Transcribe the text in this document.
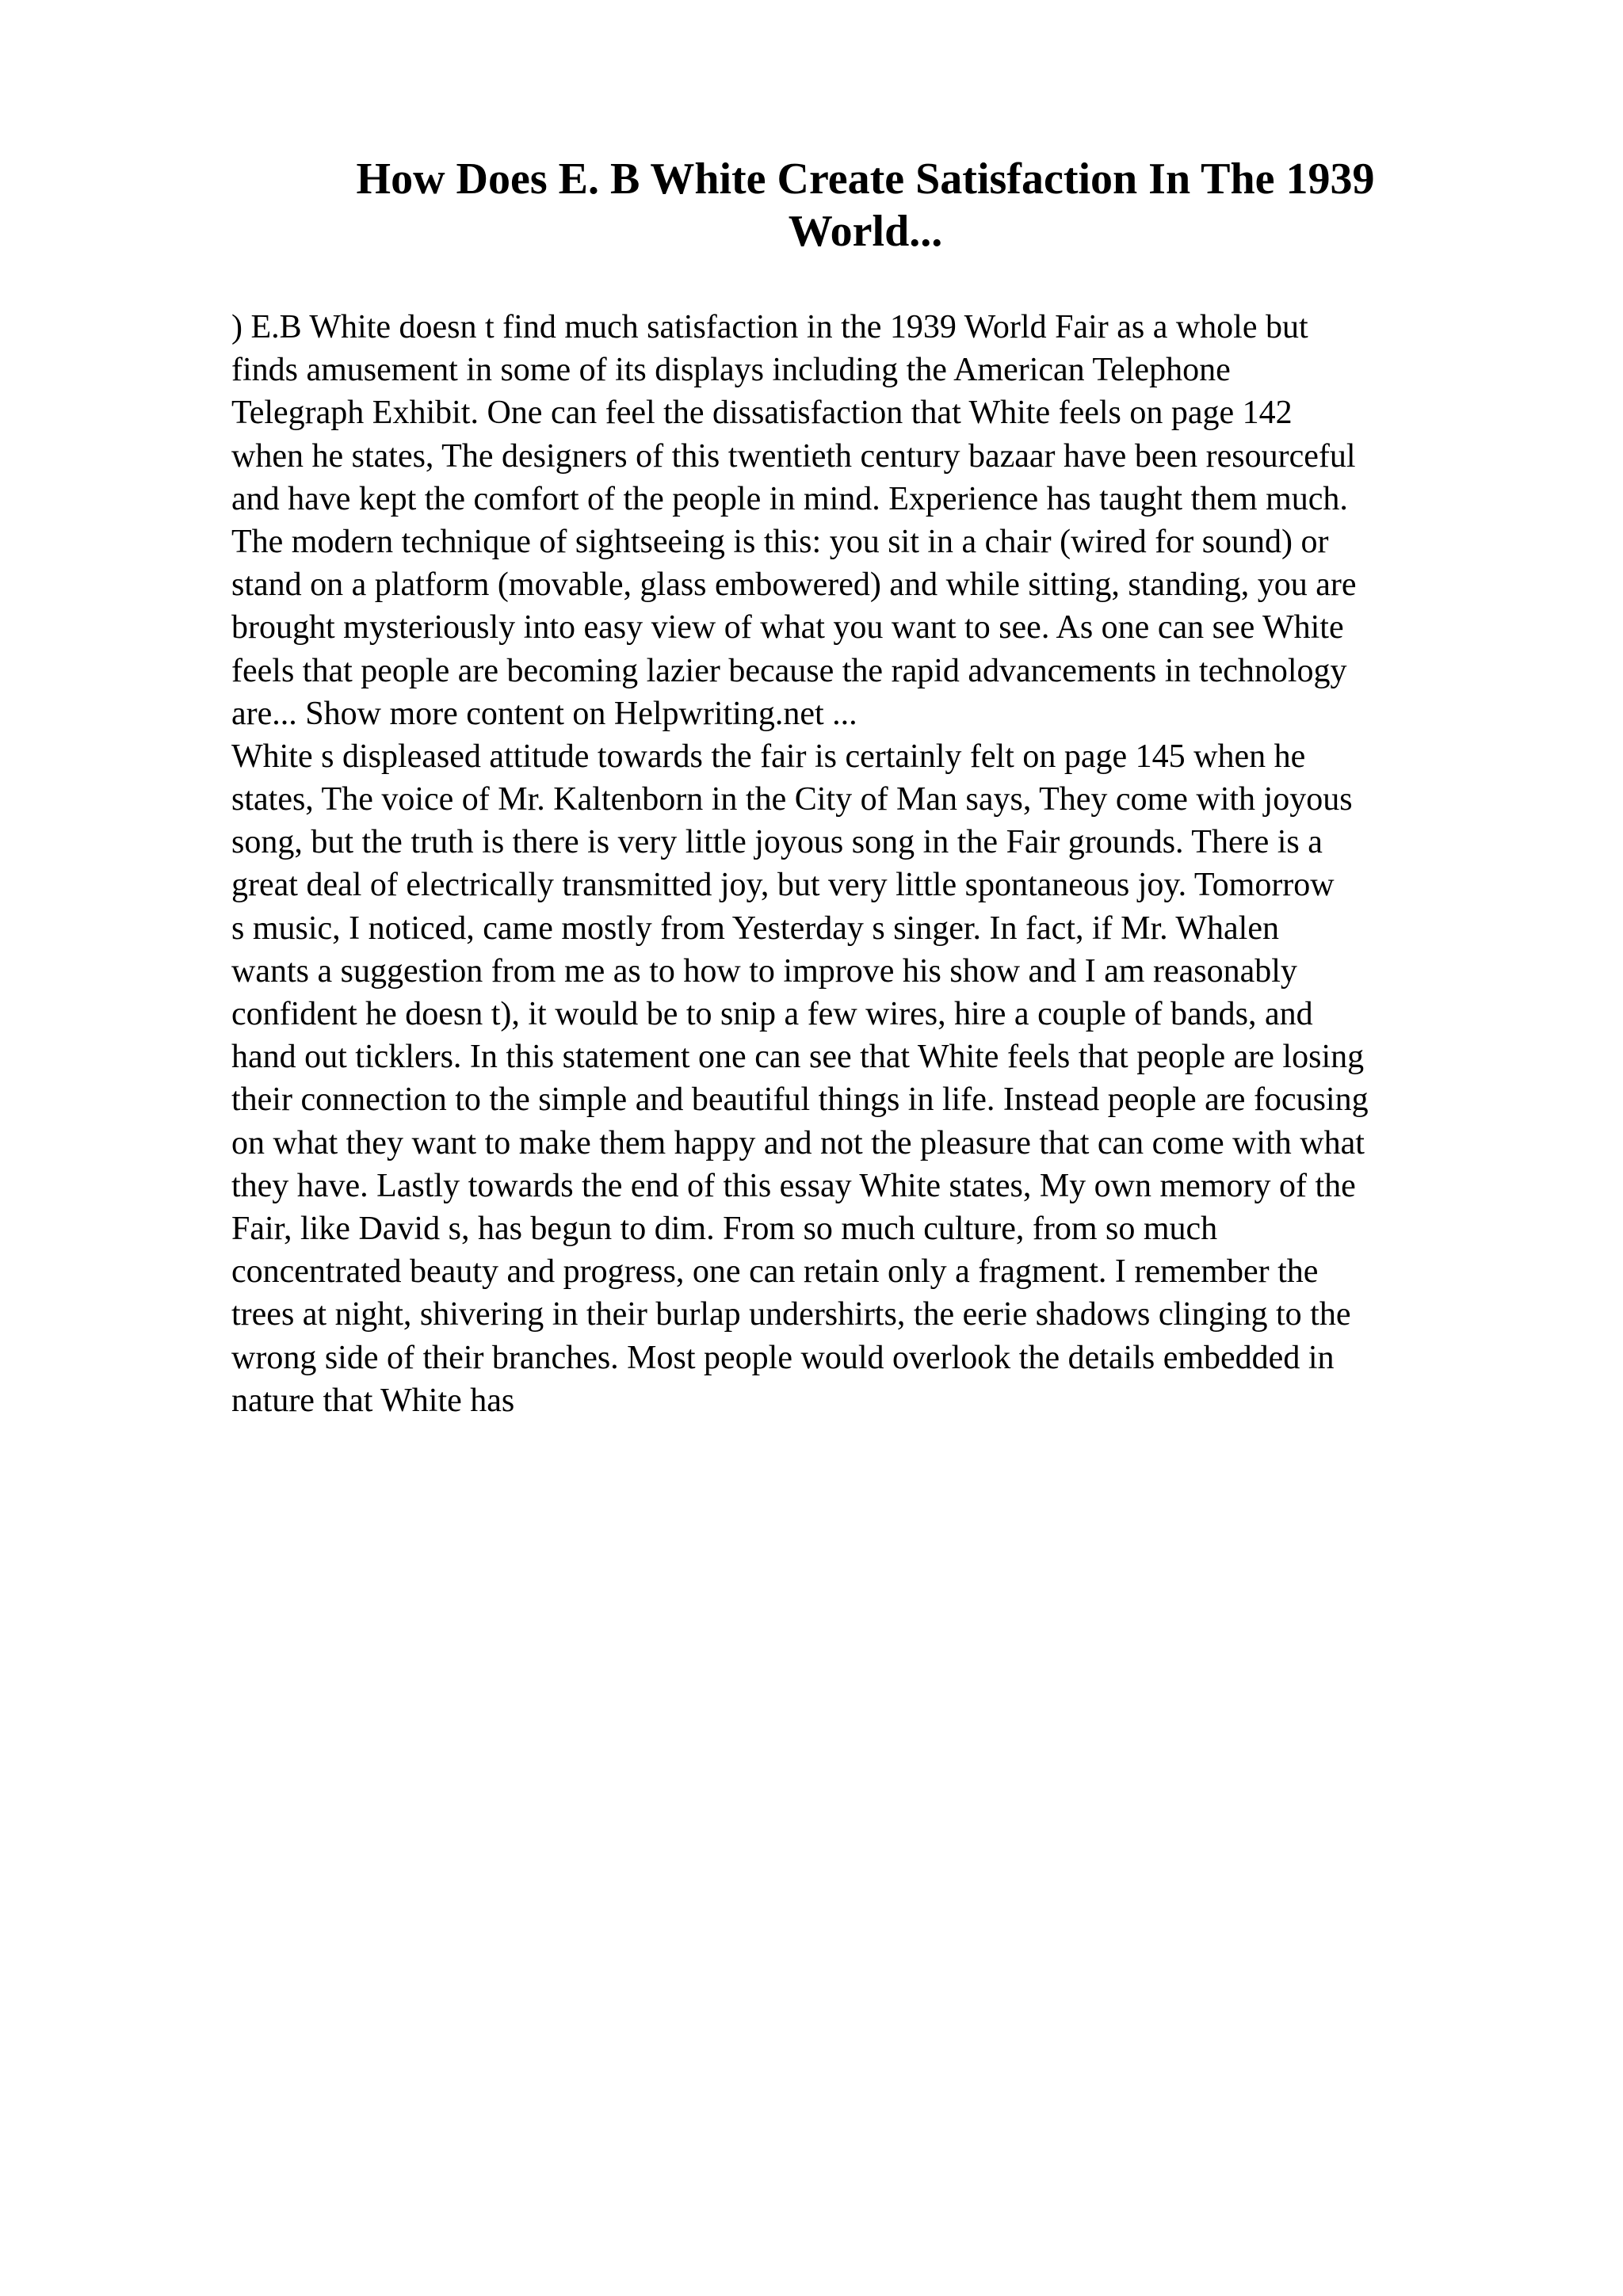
How Does E. B White Create Satisfaction In The 1939
World...
) E.B White doesn t find much satisfaction in the 1939 World Fair as a whole but
finds amusement in some of its displays including the American Telephone
Telegraph Exhibit. One can feel the dissatisfaction that White feels on page 142
when he states, The designers of this twentieth century bazaar have been resourceful
and have kept the comfort of the people in mind. Experience has taught them much.
The modern technique of sightseeing is this: you sit in a chair (wired for sound) or
stand on a platform (movable, glass embowered) and while sitting, standing, you are
brought mysteriously into easy view of what you want to see. As one can see White
feels that people are becoming lazier because the rapid advancements in technology
are... Show more content on Helpwriting.net ...
White s displeased attitude towards the fair is certainly felt on page 145 when he
states, The voice of Mr. Kaltenborn in the City of Man says, They come with joyous
song, but the truth is there is very little joyous song in the Fair grounds. There is a
great deal of electrically transmitted joy, but very little spontaneous joy. Tomorrow
s music, I noticed, came mostly from Yesterday s singer. In fact, if Mr. Whalen
wants a suggestion from me as to how to improve his show and I am reasonably
confident he doesn t), it would be to snip a few wires, hire a couple of bands, and
hand out ticklers. In this statement one can see that White feels that people are losing
their connection to the simple and beautiful things in life. Instead people are focusing
on what they want to make them happy and not the pleasure that can come with what
they have. Lastly towards the end of this essay White states, My own memory of the
Fair, like David s, has begun to dim. From so much culture, from so much
concentrated beauty and progress, one can retain only a fragment. I remember the
trees at night, shivering in their burlap undershirts, the eerie shadows clinging to the
wrong side of their branches. Most people would overlook the details embedded in
nature that White has
